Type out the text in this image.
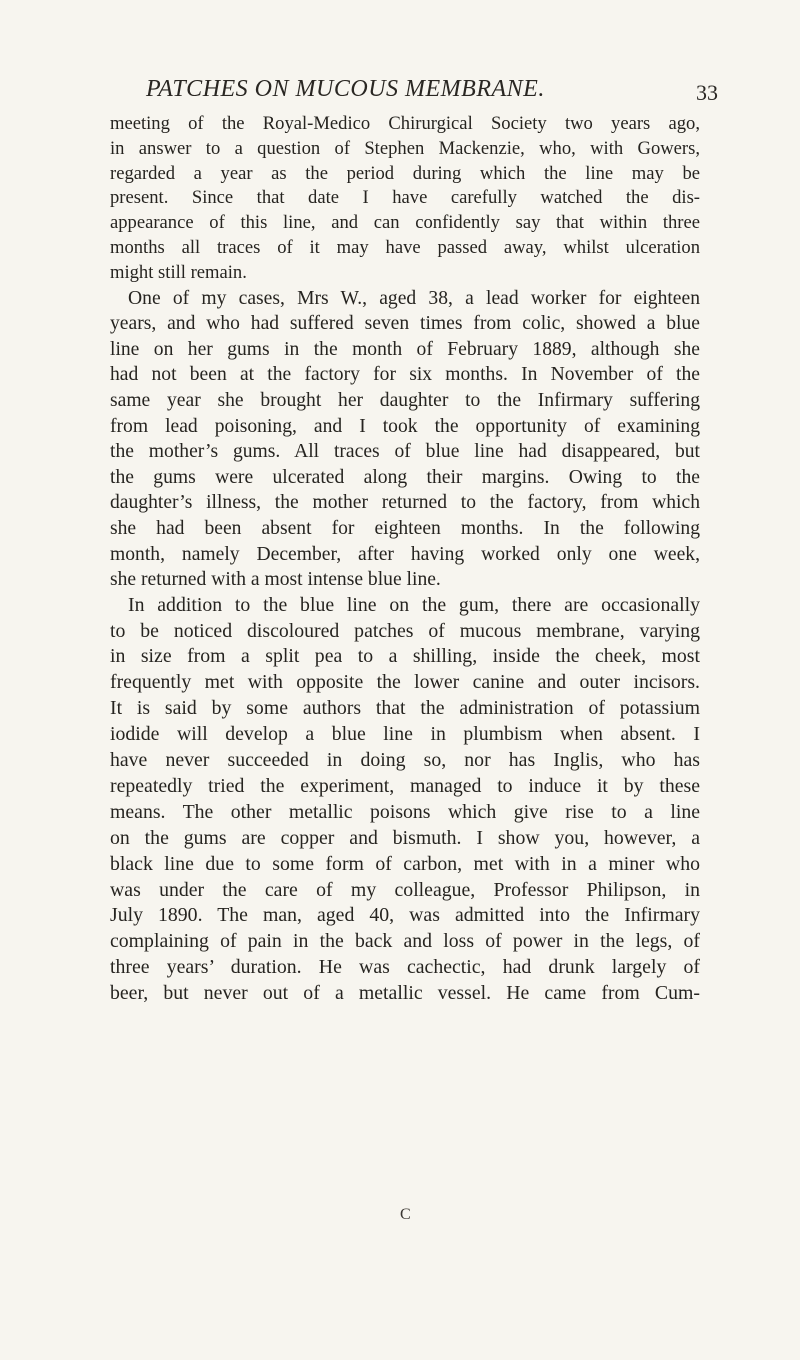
PATCHES ON MUCOUS MEMBRANE.	33
meeting of the Royal-Medico Chirurgical Society two years ago,
in answer to a question of Stephen Mackenzie, who, with Gowers,
regarded a year as the period during which the line may be
present. Since that date I have carefully watched the dis-
appearance of this line, and can confidently say that within three
months all traces of it may have passed away, whilst ulceration
might still remain.
One of my cases, Mrs W., aged 38, a lead worker for eighteen
years, and who had suffered seven times from colic, showed a blue
line on her gums in the month of February 1889, although she
had not been at the factory for six months. In November of the
same year she brought her daughter to the Infirmary suffering
from lead poisoning, and I took the opportunity of examining
the mother’s gums. All traces of blue line had disappeared, but
the gums were ulcerated along their margins. Owing to the
daughter’s illness, the mother returned to the factory, from which
she had been absent for eighteen months. In the following
month, namely December, after having worked only one week,
she returned with a most intense blue line.
In addition to the blue line on the gum, there are occasionally
to be noticed discoloured patches of mucous membrane, varying
in size from a split pea to a shilling, inside the cheek, most
frequently met with opposite the lower canine and outer incisors.
It is said by some authors that the administration of potassium
iodide will develop a blue line in plumbism when absent. I
have never succeeded in doing so, nor has Inglis, who has
repeatedly tried the experiment, managed to induce it by these
means. The other metallic poisons which give rise to a line
on the gums are copper and bismuth. I show you, however, a
black line due to some form of carbon, met with in a miner who
was under the care of my colleague, Professor Philipson, in
July 1890. The man, aged 40, was admitted into the Infirmary
complaining of pain in the back and loss of power in the legs, of
three years’ duration. He was cachectic, had drunk largely of
beer, but never out of a metallic vessel. He came from Cum-
C
